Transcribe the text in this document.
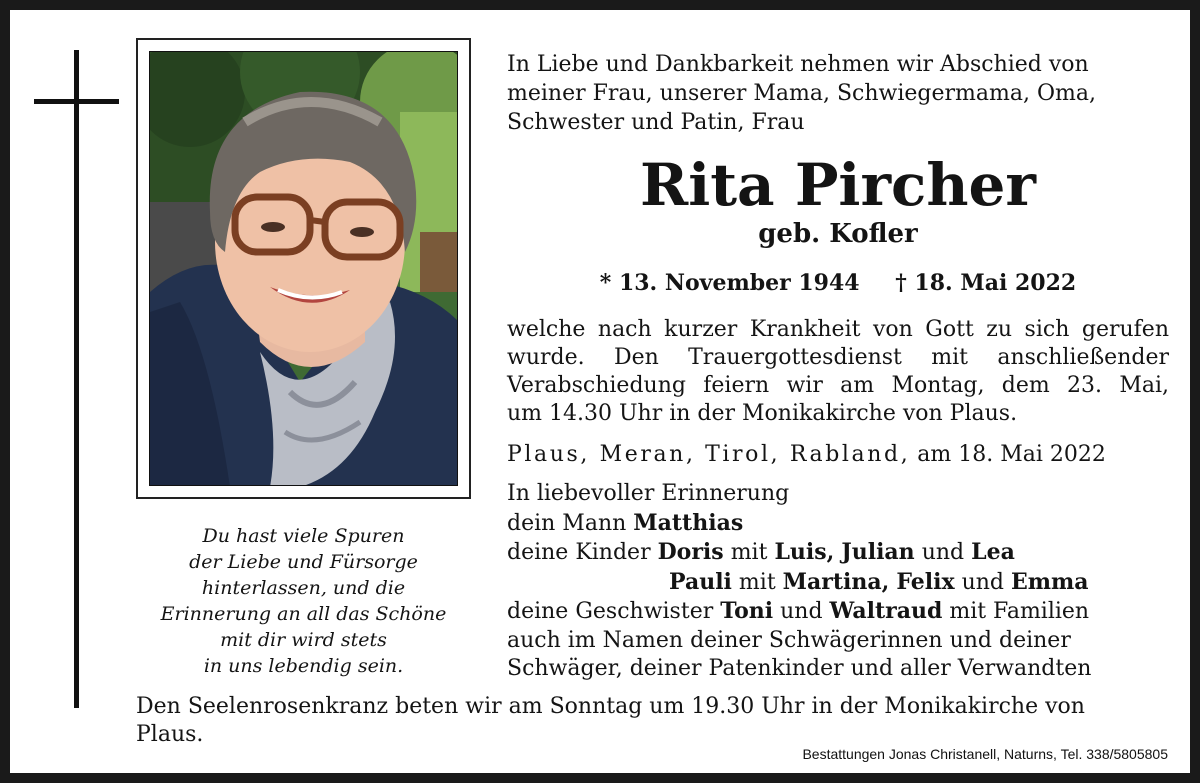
Du hast viele Spuren
der Liebe und Fürsorge
hinterlassen, und die
Erinnerung an all das Schöne
mit dir wird stets
in uns lebendig sein.
In Liebe und Dankbarkeit nehmen wir Abschied von
meiner Frau, unserer Mama, Schwiegermama, Oma,
Schwester und Patin, Frau
Rita Pircher
geb. Kofler
* 13. November 1944 † 18. Mai 2022
welche nach kurzer Krankheit von Gott zu sich gerufen
wurde. Den Trauergottesdienst mit anschließender
Verabschiedung feiern wir am Montag, dem 23. Mai,
um 14.30 Uhr in der Monikakirche von Plaus.
Plaus, Meran, Tirol, Rabland, am 18. Mai 2022
In liebevoller Erinnerung
dein Mann Matthias
deine Kinder Doris mit Luis, Julian und Lea
Pauli mit Martina, Felix und Emma
deine Geschwister Toni und Waltraud mit Familien
auch im Namen deiner Schwägerinnen und deiner
Schwäger, deiner Patenkinder und aller Verwandten
Den Seelenrosenkranz beten wir am Sonntag um 19.30 Uhr in der Monikakirche von
Plaus.
Bestattungen Jonas Christanell, Naturns, Tel. 338/5805805
